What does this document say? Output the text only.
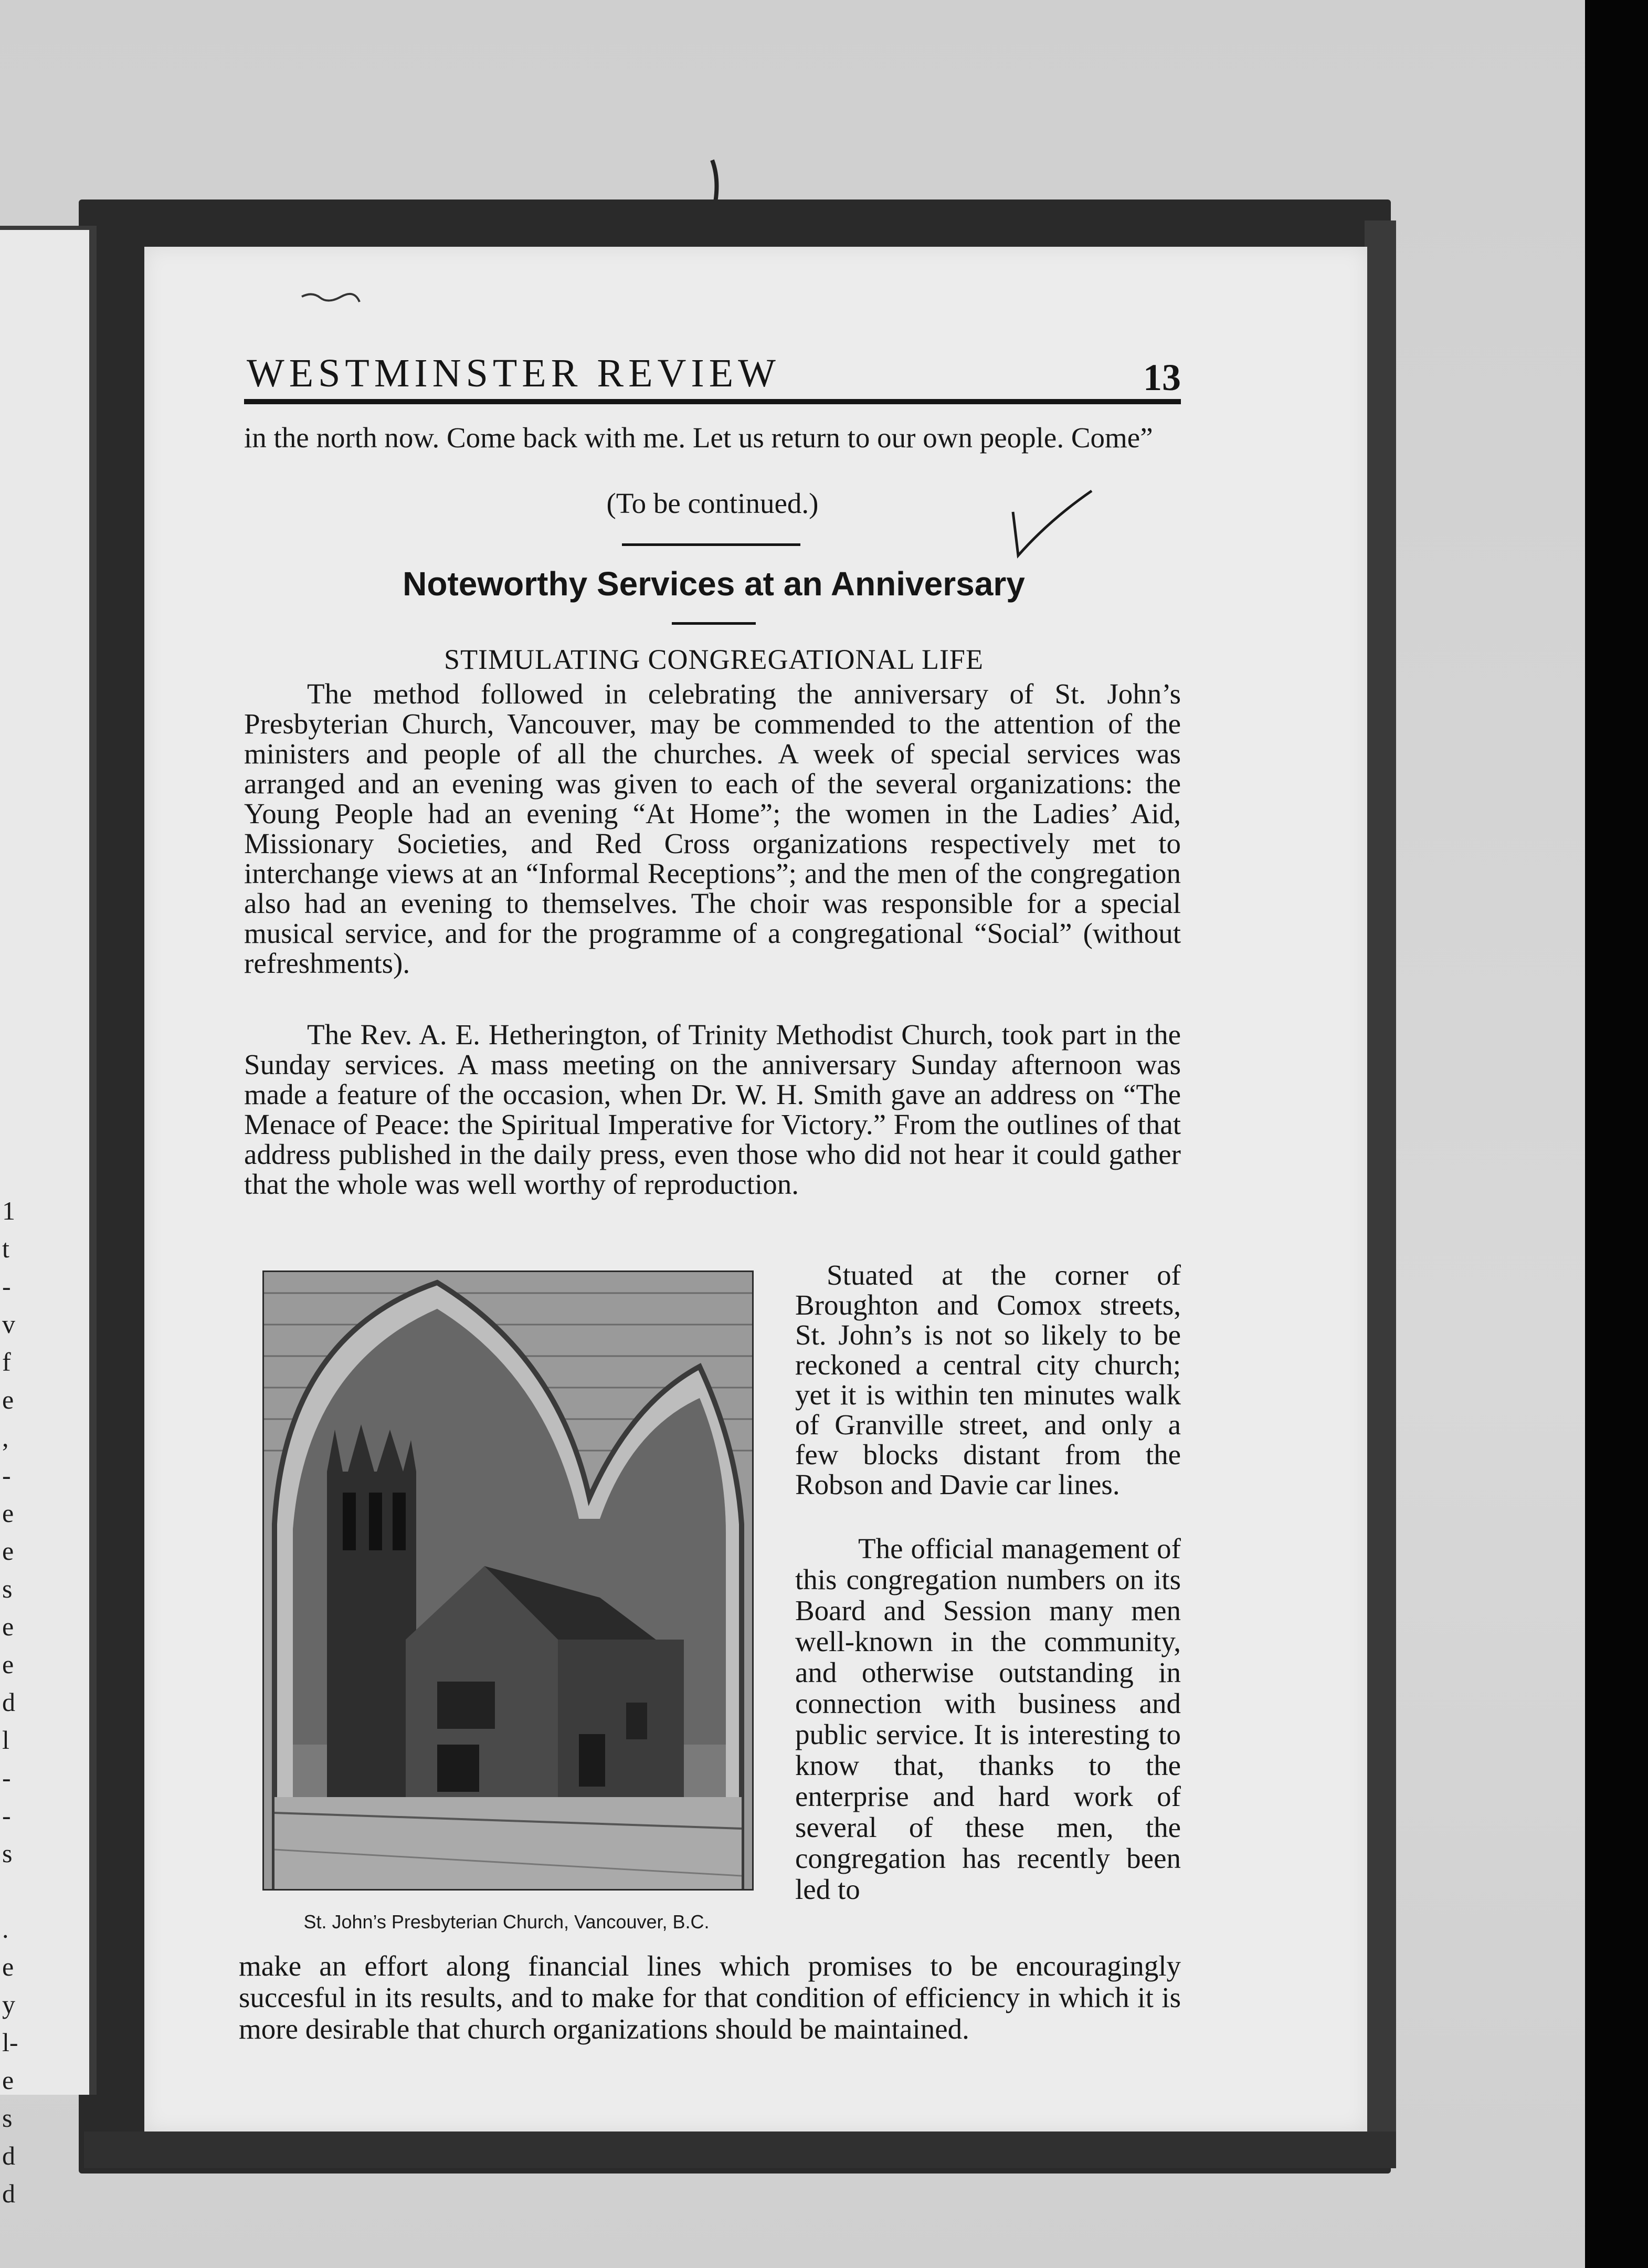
1
t
-
v
f
e
,
-
e
e
s
e
e
d
l
-
-
s
.
e
y
l-
e
s
d
d
WESTMINSTER REVIEW	13

in the north now. Come back with me. Let us return to our own people. Come”

(To be continued.)
Noteworthy Services at an Anniversary
STIMULATING CONGREGATIONAL LIFE

The method followed in celebrating the anniversary of St. John’s Presbyterian Church, Vancouver, may be commended to the attention of the ministers and people of all the churches. A week of special services was arranged and an evening was given to each of the several organizations: the Young People had an evening “At Home”; the women in the Ladies’ Aid, Missionary Societies, and Red Cross organizations respectively met to interchange views at an “Informal Receptions”; and the men of the congregation also had an evening to themselves. The choir was responsible for a special musical service, and for the programme of a congregational “Social” (without refreshments).

The Rev. A. E. Hetherington, of Trinity Methodist Church, took part in the Sunday services. A mass meeting on the anniversary Sunday afternoon was made a feature of the occasion, when Dr. W. H. Smith gave an address on “The Menace of Peace: the Spiritual Imperative for Victory.” From the outlines of that address published in the daily press, even those who did not hear it could gather that the whole was well worthy of reproduction.

St. John’s Presbyterian Church, Vancouver, B.C.

Stuated at the corner of Broughton and Comox streets, St. John’s is not so likely to be reckoned a central city church; yet it is within ten minutes walk of Granville street, and only a few blocks distant from the Robson and Davie car lines.

The official management of this congregation numbers on its Board and Session many men well-known in the community, and otherwise outstanding in connection with business and public service. It is interesting to know that, thanks to the enterprise and hard work of several of these men, the congregation has recently been led to

make an effort along financial lines which promises to be encouragingly succesful in its results, and to make for that condition of efficiency in which it is more desirable that church organizations should be maintained.
